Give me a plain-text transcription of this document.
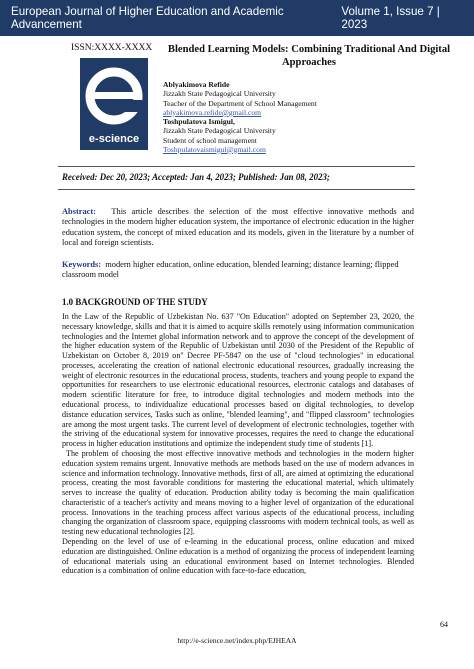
European Journal of Higher Education and Academic Advancement
Volume 1, Issue 7 | 2023
ISSN:XXXX-XXXX
e-science
Blended Learning Models: Combining Traditional And Digital Approaches
Ablyakimova Refide
Jizzakh State Pedagogical University
Teacher of the Department of School Management
ablyakimova.refide@gmail.com
Toshpulatova Ismigul,
Jizzakh State Pedagogical University
Student of school management
Toshpulatovaismigul@gmail.com
Received: Dec 20, 2023; Accepted: Jan 4, 2023; Published: Jan 08, 2023;
Abstract: This article describes the selection of the most effective innovative methods and technologies in the modern higher education system, the importance of electronic education in the higher education system, the concept of mixed education and its models, given in the literature by a number of local and foreign scientists.
Keywords: modern higher education, online education, blended learning; distance learning; flipped classroom model
1.0 BACKGROUND OF THE STUDY

In the Law of the Republic of Uzbekistan No. 637 "On Education" adopted on September 23, 2020, the necessary knowledge, skills and that it is aimed to acquire skills remotely using information communication technologies and the Internet global information network and to approve the concept of the development of the higher education system of the Republic of Uzbekistan until 2030 of the President of the Republic of Uzbekistan on October 8, 2019 on" Decree PF-5847 on the use of "cloud technologies" in educational processes, accelerating the creation of national electronic educational resources, gradually increasing the weight of electronic resources in the educational process, students, teachers and young people to expand the opportunities for researchers to use electronic educational resources, electronic catalogs and databases of modern scientific literature for free, to introduce digital technologies and modern methods into the educational process, to individualize educational processes based on digital technologies, to develop distance education services, Tasks such as online, "blended learning", and "flipped classroom" technologies are among the most urgent tasks. The current level of development of electronic technologies, together with the striving of the educational system for innovative processes, requires the need to change the educational process in higher education institutions and optimize the independent study time of students [1].

The problem of choosing the most effective innovative methods and technologies in the modern higher education system remains urgent. Innovative methods are methods based on the use of modern advances in science and information technology. Innovative methods, first of all, are aimed at optimizing the educational process, creating the most favorable conditions for mastering the educational material, which ultimately serves to increase the quality of education. Production ability today is becoming the main qualification characteristic of a teacher's activity and means moving to a higher level of organization of the educational process. Innovations in the teaching process affect various aspects of the educational process, including changing the organization of classroom space, equipping classrooms with modern technical tools, as well as testing new educational technologies [2].

Depending on the level of use of e-learning in the educational process, online education and mixed education are distinguished. Online education is a method of organizing the process of independent learning of educational materials using an educational environment based on Internet technologies. Blended education is a combination of online education with face-to-face education,

64
http://e-science.net/index.php/EJHEAA
